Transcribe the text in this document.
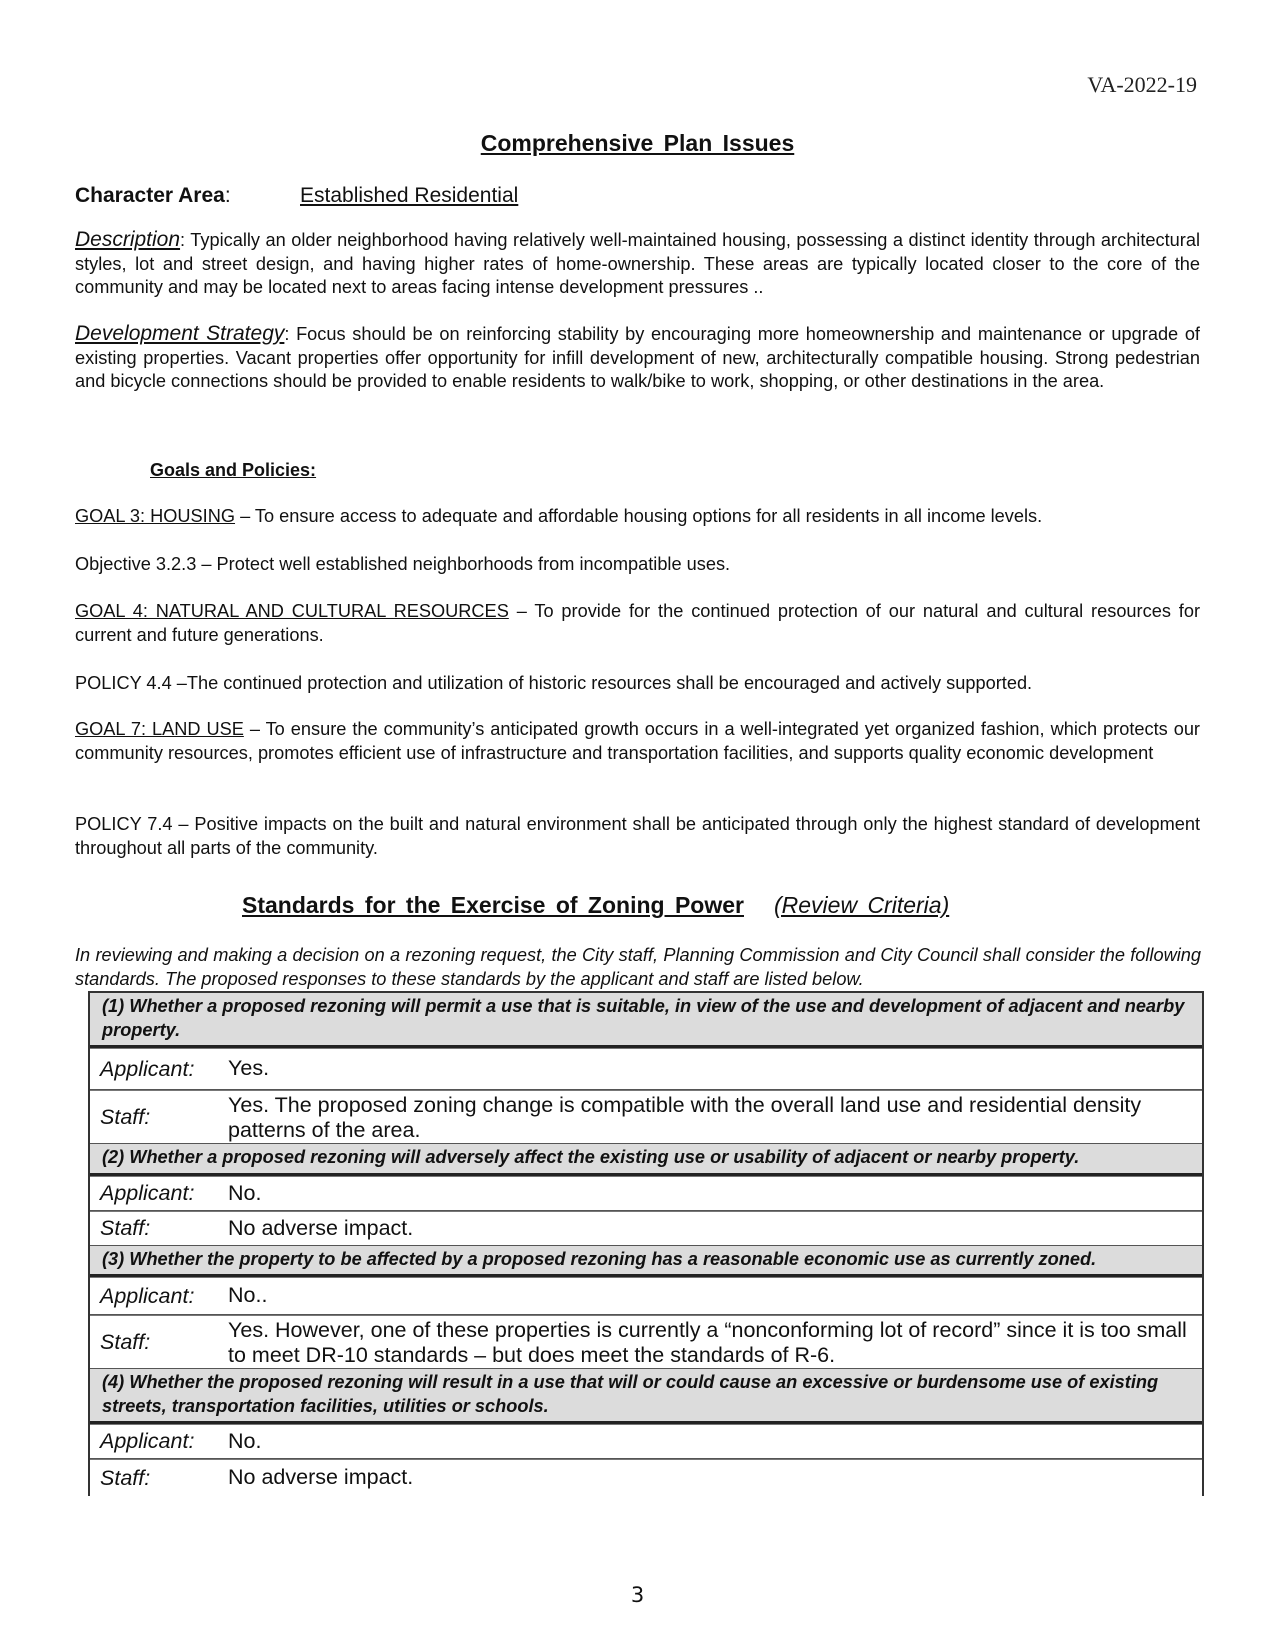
VA-2022-19
Comprehensive Plan Issues
Character Area:	Established Residential
Description: Typically an older neighborhood having relatively well-maintained housing, possessing a distinct identity through architectural styles, lot and street design, and having higher rates of home-ownership. These areas are typically located closer to the core of the community and may be located next to areas facing intense development pressures ..
Development Strategy: Focus should be on reinforcing stability by encouraging more homeownership and maintenance or upgrade of existing properties. Vacant properties offer opportunity for infill development of new, architecturally compatible housing. Strong pedestrian and bicycle connections should be provided to enable residents to walk/bike to work, shopping, or other destinations in the area.
Goals and Policies:
GOAL 3: HOUSING – To ensure access to adequate and affordable housing options for all residents in all income levels.
Objective 3.2.3 – Protect well established neighborhoods from incompatible uses.
GOAL 4: NATURAL AND CULTURAL RESOURCES – To provide for the continued protection of our natural and cultural resources for current and future generations.
POLICY 4.4 –The continued protection and utilization of historic resources shall be encouraged and actively supported.
GOAL 7: LAND USE – To ensure the community’s anticipated growth occurs in a well-integrated yet organized fashion, which protects our community resources, promotes efficient use of infrastructure and transportation facilities, and supports quality economic development
POLICY 7.4 – Positive impacts on the built and natural environment shall be anticipated through only the highest standard of development throughout all parts of the community.
Standards for the Exercise of Zoning Power (Review Criteria)
In reviewing and making a decision on a rezoning request, the City staff, Planning Commission and City Council shall consider the following standards. The proposed responses to these standards by the applicant and staff are listed below.
(1) Whether a proposed rezoning will permit a use that is suitable, in view of the use and development of adjacent and nearby property.
Applicant:	Yes.
Staff:	Yes. The proposed zoning change is compatible with the overall land use and residential density patterns of the area.
(2) Whether a proposed rezoning will adversely affect the existing use or usability of adjacent or nearby property.
Applicant:	No.
Staff:	No adverse impact.
(3) Whether the property to be affected by a proposed rezoning has a reasonable economic use as currently zoned.
Applicant:	No..
Staff:	Yes. However, one of these properties is currently a “nonconforming lot of record” since it is too small to meet DR-10 standards – but does meet the standards of R-6.
(4) Whether the proposed rezoning will result in a use that will or could cause an excessive or burdensome use of existing streets, transportation facilities, utilities or schools.
Applicant:	No.
Staff:	No adverse impact.
3
